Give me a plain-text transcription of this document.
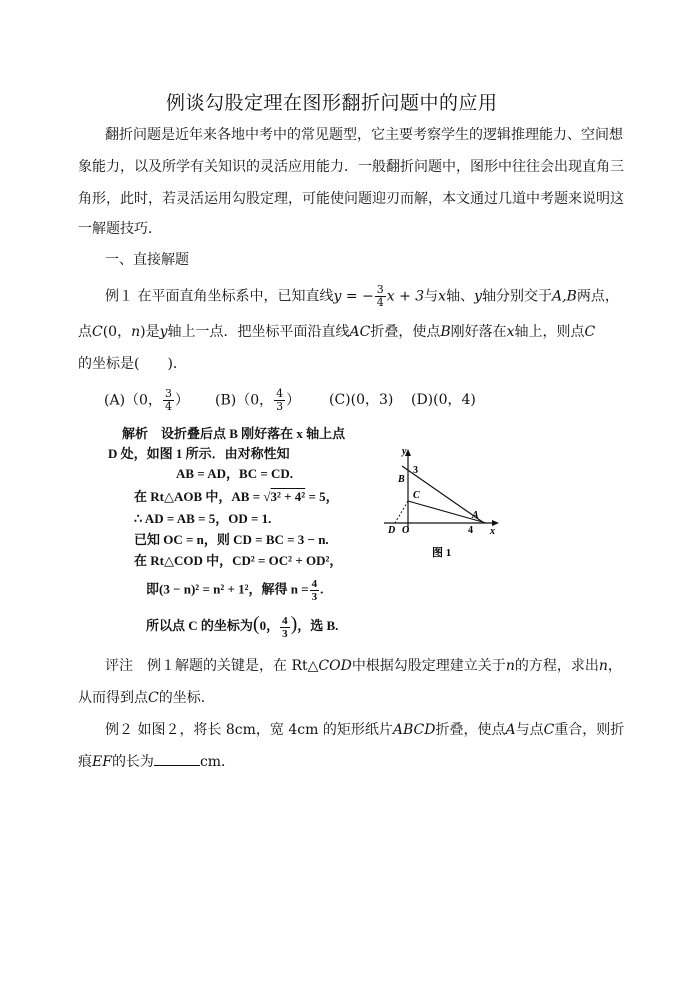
例谈勾股定理在图形翻折问题中的应用
翻折问题是近年来各地中考中的常见题型，它主要考察学生的逻辑推理能力、空间想
象能力，以及所学有关知识的灵活应用能力．一般翻折问题中，图形中往往会出现直角三
角形，此时，若灵活运用勾股定理，可能使问题迎刃而解，本文通过几道中考题来说明这
一解题技巧．
一、直接解题
例１ 在平面直角坐标系中，已知直线y = − $\frac{3}{4}$ x + 3与x轴、y轴分别交于A,B两点，
点C(0，n)是y轴上一点．把坐标平面沿直线AC折叠，使点B刚好落在x轴上，则点C
的坐标是(　　)．
(A)（0， $\frac{3}{4}$ ） (B)（0， $\frac{4}{3}$ ） (C)(0，3) (D)(0，4)
解析 设折叠后点 B 刚好落在 x 轴上点
D 处，如图 1 所示．由对称性知
AB = AD，BC = CD.
在 Rt△AOB 中，AB = √3² + 4² = 5，
∴ AD = AB = 5，OD = 1.
已知 OC = n，则 CD = BC = 3 − n.
在 Rt△COD 中，CD² = OC² + OD²，
即(3 − n)² = n² + 1²，解得 $n = \frac{4}{3}$ .
所以点 C 的坐标为(0， $\frac{4}{3}$ )，选 B.
y
3
B
C
D O	4
A
x
图 1
评注　例１解题的关键是，在 Rt△COD中根据勾股定理建立关于n的方程，求出n，
从而得到点C的坐标．
例２ 如图２，将长 8cm，宽 4cm 的矩形纸片ABCD折叠，使点A与点C重合，则折
痕EF的长为	cm．
